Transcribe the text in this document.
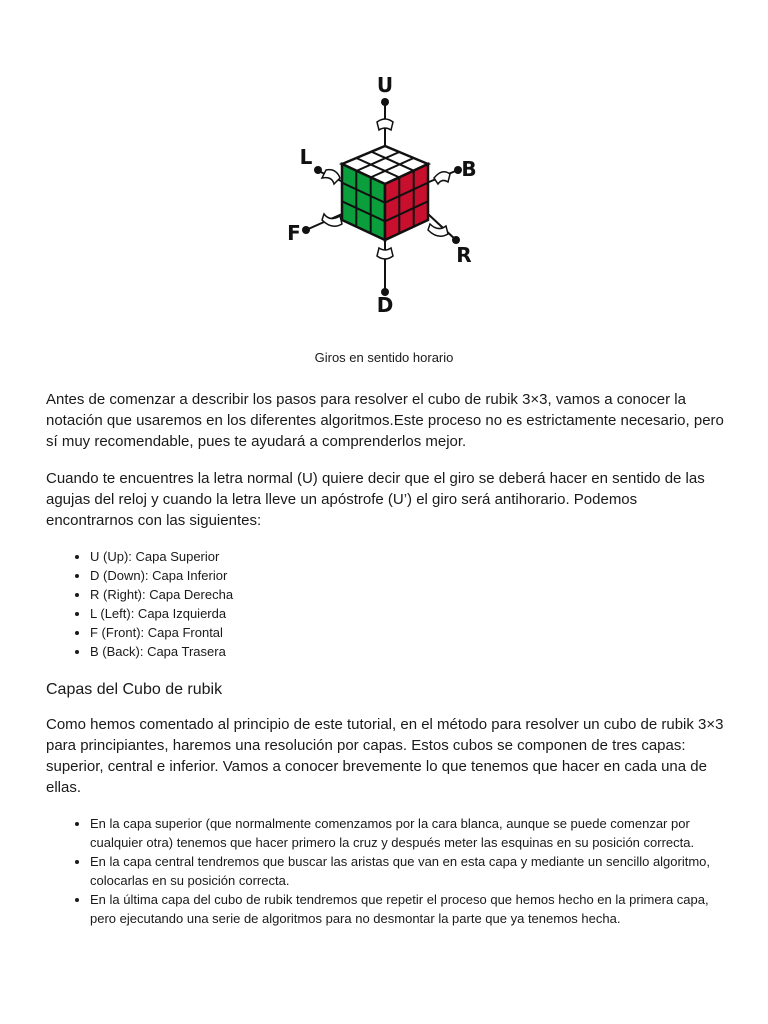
U
D
L
F
B
R
Giros en sentido horario

Antes de comenzar a describir los pasos para resolver el cubo de rubik 3×3, vamos a conocer la notación que usaremos en los diferentes algoritmos.Este proceso no es estrictamente necesario, pero sí muy recomendable, pues te ayudará a comprenderlos mejor.

Cuando te encuentres la letra normal (U) quiere decir que el giro se deberá hacer en sentido de las agujas del reloj y cuando la letra lleve un apóstrofe (U’) el giro será antihorario. Podemos encontrarnos con las siguientes:

• U (Up): Capa Superior
• D (Down): Capa Inferior
• R (Right): Capa Derecha
• L (Left): Capa Izquierda
• F (Front): Capa Frontal
• B (Back): Capa Trasera
Capas del Cubo de rubik

Como hemos comentado al principio de este tutorial, en el método para resolver un cubo de rubik 3×3 para principiantes, haremos una resolución por capas. Estos cubos se componen de tres capas: superior, central e inferior. Vamos a conocer brevemente lo que tenemos que hacer en cada una de ellas.

• En la capa superior (que normalmente comenzamos por la cara blanca, aunque se puede comenzar por cualquier otra) tenemos que hacer primero la cruz y después meter las esquinas en su posición correcta.
• En la capa central tendremos que buscar las aristas que van en esta capa y mediante un sencillo algoritmo, colocarlas en su posición correcta.
• En la última capa del cubo de rubik tendremos que repetir el proceso que hemos hecho en la primera capa, pero ejecutando una serie de algoritmos para no desmontar la parte que ya tenemos hecha.
